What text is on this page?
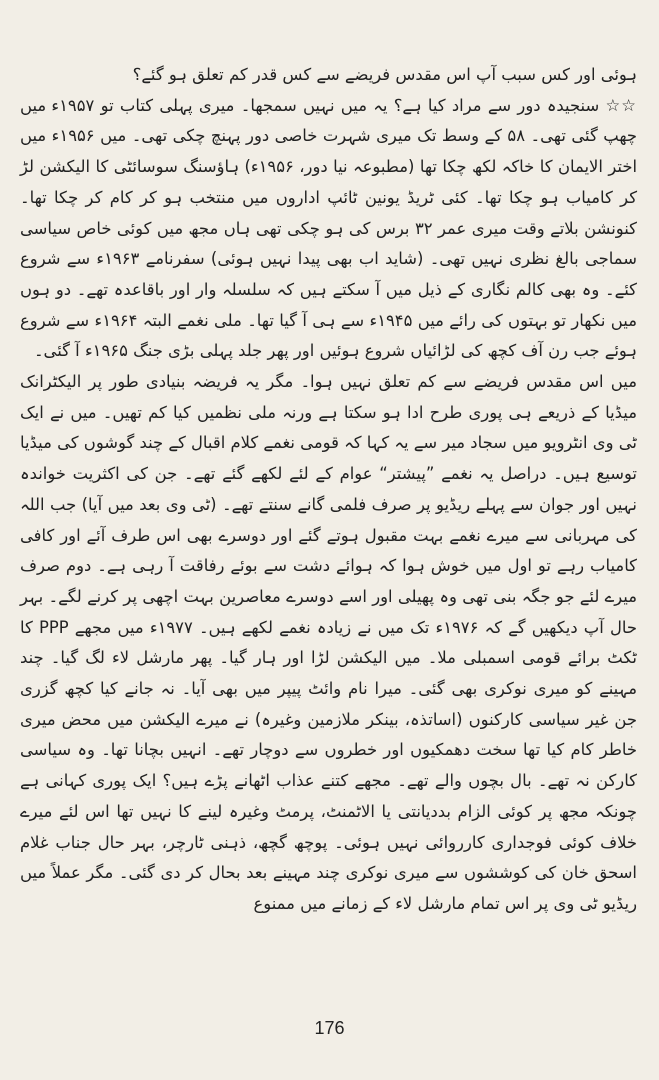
ہوئی اور کس سبب آپ اس مقدس فریضے سے کس قدر کم تعلق ہو گئے؟

☆☆ سنجیدہ دور سے مراد کیا ہے؟ یہ میں نہیں سمجھا۔ میری پہلی کتاب تو ۱۹۵۷ء میں چھپ گئی تھی۔ ۵۸ کے وسط تک میری شہرت خاصی دور پہنچ چکی تھی۔ میں ۱۹۵۶ء میں اختر الایمان کا خاکہ لکھ چکا تھا (مطبوعہ نیا دور، ۱۹۵۶ء) ہاؤسنگ سوسائٹی کا الیکشن لڑ کر کامیاب ہو چکا تھا۔ کئی ٹریڈ یونین ٹائپ اداروں میں منتخب ہو کر کام کر چکا تھا۔ کنونشن بلاتے وقت میری عمر ۳۲ برس کی ہو چکی تھی ہاں مجھ میں کوئی خاص سیاسی سماجی بالغ نظری نہیں تھی۔ (شاید اب بھی پیدا نہیں ہوئی) سفرنامے ۱۹۶۳ء سے شروع کئے۔ وہ بھی کالم نگاری کے ذیل میں آ سکتے ہیں کہ سلسلہ وار اور باقاعدہ تھے۔ دو ہوں میں نکھار تو بہتوں کی رائے میں ۱۹۴۵ء سے ہی آ گیا تھا۔ ملی نغمے البتہ ۱۹۶۴ء سے شروع ہوئے جب رن آف کچھ کی لڑائیاں شروع ہوئیں اور پھر جلد پہلی بڑی جنگ ۱۹۶۵ء آ گئی۔

میں اس مقدس فریضے سے کم تعلق نہیں ہوا۔ مگر یہ فریضہ بنیادی طور پر الیکٹرانک میڈیا کے ذریعے ہی پوری طرح ادا ہو سکتا ہے ورنہ ملی نظمیں کیا کم تھیں۔ میں نے ایک ٹی وی انٹرویو میں سجاد میر سے یہ کہا کہ قومی نغمے کلام اقبال کے چند گوشوں کی میڈیا توسیع ہیں۔ دراصل یہ نغمے ”پیشتر“ عوام کے لئے لکھے گئے تھے۔ جن کی اکثریت خواندہ نہیں اور جوان سے پہلے ریڈیو پر صرف فلمی گانے سنتے تھے۔ (ٹی وی بعد میں آیا) جب اللہ کی مہربانی سے میرے نغمے بہت مقبول ہوتے گئے اور دوسرے بھی اس طرف آئے اور کافی کامیاب رہے تو اول میں خوش ہوا کہ ہوائے دشت سے بوئے رفاقت آ رہی ہے۔ دوم صرف میرے لئے جو جگہ بنی تھی وہ پھیلی اور اسے دوسرے معاصرین بہت اچھی پر کرنے لگے۔ بہر حال آپ دیکھیں گے کہ ۱۹۷۶ء تک میں نے زیادہ نغمے لکھے ہیں۔ ۱۹۷۷ء میں مجھے PPP کا ٹکٹ برائے قومی اسمبلی ملا۔ میں الیکشن لڑا اور ہار گیا۔ پھر مارشل لاء لگ گیا۔ چند مہینے کو میری نوکری بھی گئی۔ میرا نام وائٹ پیپر میں بھی آیا۔ نہ جانے کیا کچھ گزری جن غیر سیاسی کارکنوں (اساتذہ، بینکر ملازمین وغیرہ) نے میرے الیکشن میں محض میری خاطر کام کیا تھا سخت دھمکیوں اور خطروں سے دوچار تھے۔ انہیں بچانا تھا۔ وہ سیاسی کارکن نہ تھے۔ بال بچوں والے تھے۔ مجھے کتنے عذاب اٹھانے پڑے ہیں؟ ایک پوری کہانی ہے چونکہ مجھ پر کوئی الزام بددیانتی یا الاٹمنٹ، پرمٹ وغیرہ لینے کا نہیں تھا اس لئے میرے خلاف کوئی فوجداری کارروائی نہیں ہوئی۔ پوچھ گچھ، ذہنی ٹارچر، بہر حال جناب غلام اسحق خان کی کوششوں سے میری نوکری چند مہینے بعد بحال کر دی گئی۔ مگر عملاً میں ریڈیو ٹی وی پر اس تمام مارشل لاء کے زمانے میں ممنوع

176
